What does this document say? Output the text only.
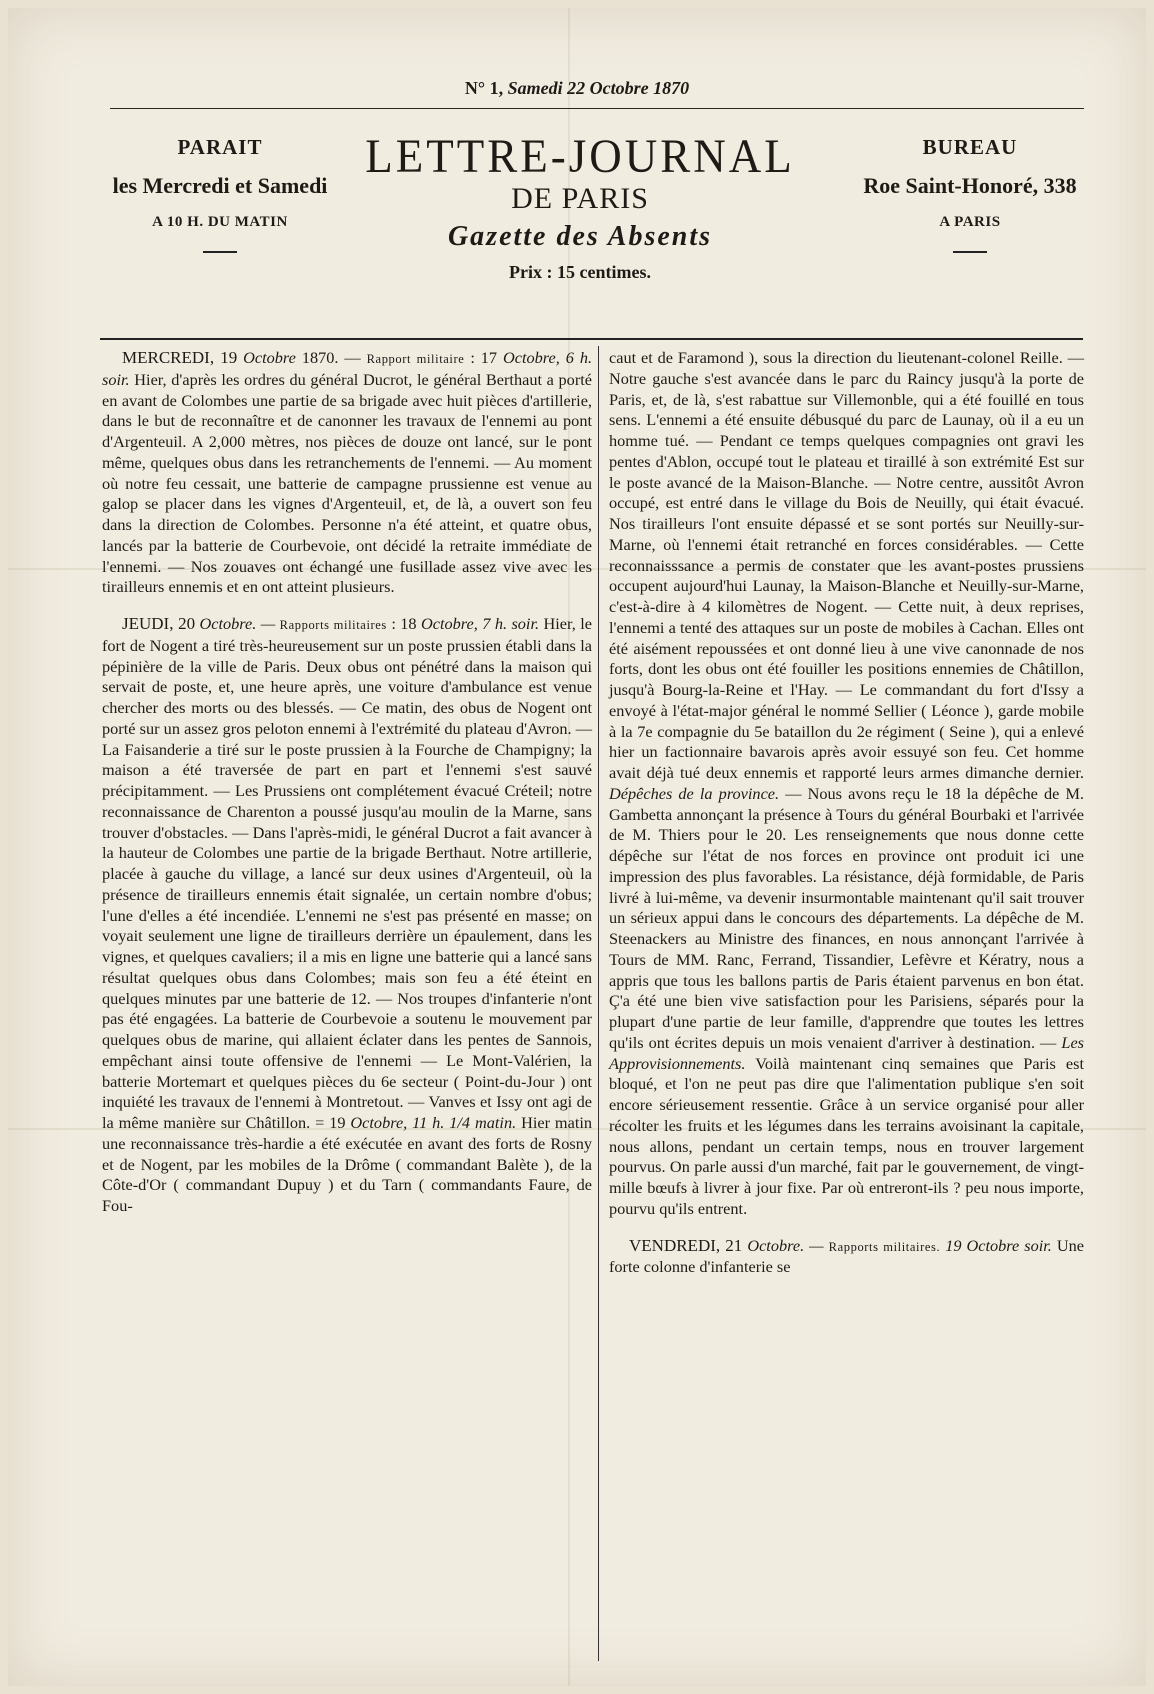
N° 1, Samedi 22 Octobre 1870
PARAIT
les Mercredi et Samedi
A 10 H. DU MATIN
LETTRE-JOURNAL
DE PARIS
Gazette des Absents
Prix : 15 centimes.
BUREAU
Roe Saint-Honoré, 338
A PARIS

MERCREDI, 19 Octobre 1870. — Rapport militaire : 17 Octobre, 6 h. soir. Hier, d'après les ordres du général Ducrot, le général Berthaut a porté en avant de Colombes une partie de sa brigade avec huit pièces d'artillerie, dans le but de reconnaître et de canonner les travaux de l'ennemi au pont d'Argenteuil. A 2,000 mètres, nos pièces de douze ont lancé, sur le pont même, quelques obus dans les retranchements de l'ennemi. — Au moment où notre feu cessait, une batterie de campagne prussienne est venue au galop se placer dans les vignes d'Argenteuil, et, de là, a ouvert son feu dans la direction de Colombes. Personne n'a été atteint, et quatre obus, lancés par la batterie de Courbevoie, ont décidé la retraite immédiate de l'ennemi. — Nos zouaves ont échangé une fusillade assez vive avec les tirailleurs ennemis et en ont atteint plusieurs.

JEUDI, 20 Octobre. — Rapports militaires : 18 Octobre, 7 h. soir. Hier, le fort de Nogent a tiré très-heureusement sur un poste prussien établi dans la pépinière de la ville de Paris. Deux obus ont pénétré dans la maison qui servait de poste, et, une heure après, une voiture d'ambulance est venue chercher des morts ou des blessés. — Ce matin, des obus de Nogent ont porté sur un assez gros peloton ennemi à l'extrémité du plateau d'Avron. — La Faisanderie a tiré sur le poste prussien à la Fourche de Champigny; la maison a été traversée de part en part et l'ennemi s'est sauvé précipitamment. — Les Prussiens ont complétement évacué Créteil; notre reconnaissance de Charenton a poussé jusqu'au moulin de la Marne, sans trouver d'obstacles. — Dans l'après-midi, le général Ducrot a fait avancer à la hauteur de Colombes une partie de la brigade Berthaut. Notre artillerie, placée à gauche du village, a lancé sur deux usines d'Argenteuil, où la présence de tirailleurs ennemis était signalée, un certain nombre d'obus; l'une d'elles a été incendiée. L'ennemi ne s'est pas présenté en masse; on voyait seulement une ligne de tirailleurs derrière un épaulement, dans les vignes, et quelques cavaliers; il a mis en ligne une batterie qui a lancé sans résultat quelques obus dans Colombes; mais son feu a été éteint en quelques minutes par une batterie de 12. — Nos troupes d'infanterie n'ont pas été engagées. La batterie de Courbevoie a soutenu le mouvement par quelques obus de marine, qui allaient éclater dans les pentes de Sannois, empêchant ainsi toute offensive de l'ennemi — Le Mont-Valérien, la batterie Mortemart et quelques pièces du 6e secteur ( Point-du-Jour ) ont inquiété les travaux de l'ennemi à Montretout. — Vanves et Issy ont agi de la même manière sur Châtillon. = 19 Octobre, 11 h. 1/4 matin. Hier matin une reconnaissance très-hardie a été exécutée en avant des forts de Rosny et de Nogent, par les mobiles de la Drôme ( commandant Balète ), de la Côte-d'Or ( commandant Dupuy ) et du Tarn ( commandants Faure, de Fou-

caut et de Faramond ), sous la direction du lieutenant-colonel Reille. — Notre gauche s'est avancée dans le parc du Raincy jusqu'à la porte de Paris, et, de là, s'est rabattue sur Villemonble, qui a été fouillé en tous sens. L'ennemi a été ensuite débusqué du parc de Launay, où il a eu un homme tué. — Pendant ce temps quelques compagnies ont gravi les pentes d'Ablon, occupé tout le plateau et tiraillé à son extrémité Est sur le poste avancé de la Maison-Blanche. — Notre centre, aussitôt Avron occupé, est entré dans le village du Bois de Neuilly, qui était évacué. Nos tirailleurs l'ont ensuite dépassé et se sont portés sur Neuilly-sur-Marne, où l'ennemi était retranché en forces considérables. — Cette reconnaisssance a permis de constater que les avant-postes prussiens occupent aujourd'hui Launay, la Maison-Blanche et Neuilly-sur-Marne, c'est-à-dire à 4 kilomètres de Nogent. — Cette nuit, à deux reprises, l'ennemi a tenté des attaques sur un poste de mobiles à Cachan. Elles ont été aisément repoussées et ont donné lieu à une vive canonnade de nos forts, dont les obus ont été fouiller les positions ennemies de Châtillon, jusqu'à Bourg-la-Reine et l'Hay. — Le commandant du fort d'Issy a envoyé à l'état-major général le nommé Sellier ( Léonce ), garde mobile à la 7e compagnie du 5e bataillon du 2e régiment ( Seine ), qui a enlevé hier un factionnaire bavarois après avoir essuyé son feu. Cet homme avait déjà tué deux ennemis et rapporté leurs armes dimanche dernier. Dépêches de la province. — Nous avons reçu le 18 la dépêche de M. Gambetta annonçant la présence à Tours du général Bourbaki et l'arrivée de M. Thiers pour le 20. Les renseignements que nous donne cette dépêche sur l'état de nos forces en province ont produit ici une impression des plus favorables. La résistance, déjà formidable, de Paris livré à lui-même, va devenir insurmontable maintenant qu'il sait trouver un sérieux appui dans le concours des départements. La dépêche de M. Steenackers au Ministre des finances, en nous annonçant l'arrivée à Tours de MM. Ranc, Ferrand, Tissandier, Lefèvre et Kératry, nous a appris que tous les ballons partis de Paris étaient parvenus en bon état. Ç'a été une bien vive satisfaction pour les Parisiens, séparés pour la plupart d'une partie de leur famille, d'apprendre que toutes les lettres qu'ils ont écrites depuis un mois venaient d'arriver à destination. — Les Approvisionnements. Voilà maintenant cinq semaines que Paris est bloqué, et l'on ne peut pas dire que l'alimentation publique s'en soit encore sérieusement ressentie. Grâce à un service organisé pour aller récolter les fruits et les légumes dans les terrains avoisinant la capitale, nous allons, pendant un certain temps, nous en trouver largement pourvus. On parle aussi d'un marché, fait par le gouvernement, de vingt-mille bœufs à livrer à jour fixe. Par où entreront-ils ? peu nous importe, pourvu qu'ils entrent.

VENDREDI, 21 Octobre. — Rapports militaires. 19 Octobre soir. Une forte colonne d'infanterie se
